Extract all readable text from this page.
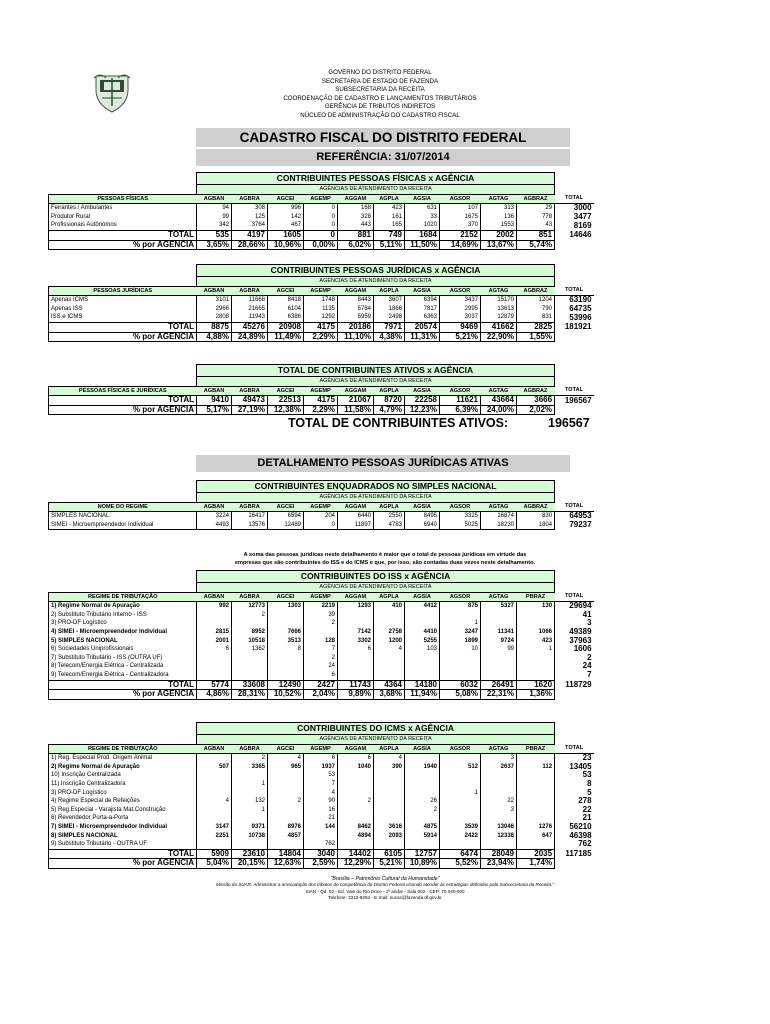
GOVERNO DO DISTRITO FEDERAL
SECRETARIA DE ESTADO DE FAZENDA
SUBSECRETARIA DA RECEITA
COORDENAÇÃO DE CADASTRO E LANÇAMENTOS TRIBUTÁRIOS
GERÊNCIA DE TRIBUTOS INDIRETOS
NÚCLEO DE ADMINISTRAÇÃO DO CADASTRO FISCAL
CADASTRO FISCAL DO DISTRITO FEDERAL
REFERÊNCIA: 31/07/2014
	CONTRIBUINTES PESSOAS FÍSICAS x AGÊNCIA										
	AGÊNCIAS DE ATENDIMENTO DA RECEITA										
PESSOAS FÍSICAS	AGBAN	AGBRA	AGCEI	AGEMP	AGGAM	AGPLA	AGSIA	AGSOR	AGTAG	AGBRAZ	TOTAL
Feirantes / Ambulantes	94	308	996	0	168	423	631	107	313	29	3000
Produtor Rural	99	125	142	0	328	161	33	1675	136	778	3477
Profissionais Autônomos	342	3764	467	0	443	165	1020	370	1553	43	8169
TOTAL	535	4197	1605	0	881	749	1684	2152	2002	851	14646
% por AGÊNCIA	3,65%	28,66%	10,96%	0,00%	6,02%	5,11%	11,50%	14,69%	13,67%	5,74%	
	CONTRIBUINTES PESSOAS JURÍDICAS x AGÊNCIA										
	AGÊNCIAS DE ATENDIMENTO DA RECEITA										
PESSOAS JURÍDICAS	AGBAN	AGBRA	AGCEI	AGEMP	AGGAM	AGPLA	AGSIA	AGSOR	AGTAG	AGBRAZ	TOTAL
Apenas ICMS	3101	11668	8418	1748	8443	3607	6394	3437	15170	1204	63190
Apenas ISS	2966	21665	6104	1135	5784	1866	7817	2995	13613	790	64735
ISS e ICMS	2808	11943	6386	1292	5959	2498	6363	3037	12879	831	53996
TOTAL	8875	45276	20908	4175	20186	7971	20574	9469	41662	2825	181921
% por AGÊNCIA	4,88%	24,89%	11,49%	2,29%	11,10%	4,38%	11,31%	5,21%	22,90%	1,55%	
	TOTAL DE CONTRIBUINTES ATIVOS x AGÊNCIA										
	AGÊNCIAS DE ATENDIMENTO DA RECEITA										
PESSOAS FÍSICAS E JURÍDICAS	AGBAN	AGBRA	AGCEI	AGEMP	AGGAM	AGPLA	AGSIA	AGSOR	AGTAG	AGBRAZ	TOTAL
TOTAL	9410	49473	22513	4175	21067	8720	22258	11621	43664	3666	196567
% por AGÊNCIA	5,17%	27,19%	12,38%	2,29%	11,58%	4,79%	12,23%	6,39%	24,00%	2,02%	
TOTAL DE CONTRIBUINTES ATIVOS:	196567
DETALHAMENTO PESSOAS JURÍDICAS ATIVAS
	CONTRIBUINTES ENQUADRADOS NO SIMPLES NACIONAL										
	AGÊNCIAS DE ATENDIMENTO DA RECEITA										
NOME DO REGIME	AGBAN	AGBRA	AGCEI	AGEMP	AGGAM	AGPLA	AGSIA	AGSOR	AGTAG	AGBRAZ	TOTAL
SIMPLES NACIONAL	3224	16417	6594	204	6440	2550	8495	3325	16874	830	64953
SIMEI - Microempreendedor Individual	4493	13576	12489	0	11897	4783	6940	5025	18230	1804	79237
A soma das pessoas jurídicas neste detalhamento é maior que o total de pessoas jurídicas em virtude das
empresas que são contribuintes do ISS e do ICMS e que, por isso, são contadas duas vezes neste detalhamento.
	CONTRIBUINTES DO ISS x AGÊNCIA										
	AGÊNCIAS DE ATENDIMENTO DA RECEITA										
REGIME DE TRIBUTAÇÃO	AGBAN	AGBRA	AGCEI	AGEMP	AGGAM	AGPLA	AGSIA	AGSOR	AGTAG	PBRAZ	TOTAL
1) Regime Normal de Apuração	992	12773	1303	2219	1293	410	4412	875	5327	130	29694
2) Substituto Tributário Interno - ISS		2		39							41
3) PRO-DF Logístico				2				1			3
4) SIMEI - Microempreendedor Individual	2815	8952	7666		7142	2758	4410	3247	11341	1066	49389
5) SIMPLES NACIONAL	2001	10518	3513	128	3302	1200	5255	1899	9724	423	37963
6) Sociedades Uniprofissionais	6	1362	8	7	6	4	103	10	99	1	1606
7) Substituto Tributário - ISS (OUTRA UF)				2							2
8) Telecom/Energia Elétrica - Centralizada				24							24
9) Telecom/Energia Elétrica - Centralizadora				6							7
TOTAL	5774	33608	12490	2427	11743	4364	14180	6032	26491	1620	118729
% por AGÊNCIA	4,86%	28,31%	10,52%	2,04%	9,89%	3,68%	11,94%	5,08%	22,31%	1,36%	
	CONTRIBUINTES DO ICMS x AGÊNCIA										
	AGÊNCIAS DE ATENDIMENTO DA RECEITA										
REGIME DE TRIBUTAÇÃO	AGBAN	AGBRA	AGCEI	AGEMP	AGGAM	AGPLA	AGSIA	AGSOR	AGTAG	PBRAZ	TOTAL
1) Reg. Especial Prod. Origem Animal		2	4	6	6	4			3		23
2) Regime Normal de Apuração	507	3365	965	1937	1040	390	1940	512	2637	112	13405
10) Inscrição Centralizada				53							53
11) Inscrição Centralizadora		1		7							8
3) PRO-DF Logístico				4				1			5
4) Regime Especial de Refeições	4	132	2	90	2		26		22		278
5) Reg.Especial - Varajista Mat.Construção		1		16			2		3		22
6) Revendedor Porta-a-Porta				21							21
7) SIMEI - Microempreendedor Individual	3147	9371	8976	144	8462	3616	4875	3539	13046	1276	56210
8) SIMPLES NACIONAL	2251	10738	4857		4894	2093	5914	2422	12338	647	46398
9) Substituto Tributário - OUTRA UF				762							762
TOTAL	5909	23610	14804	3040	14402	6105	12757	6474	28049	2035	117185
% por AGÊNCIA	5,04%	20,15%	12,63%	2,59%	12,29%	5,21%	10,89%	5,52%	23,94%	1,74%	
"Brasília – Patrimônio Cultural da Humanidade"
Missão da SUAR: Administrar a arrecadação dos tributos de competência do Distrito Federal visando atender às estratégias definidas pela Subsecretaria da Receita."
SIAN - Qd. 02 - Ed. Vale do Rio Doce - 1ª andar - Sala 002 - CEP: 70.040-000
Telefone: 3312-8284 - E-mail: nucac@fazenda.df.gov.br
